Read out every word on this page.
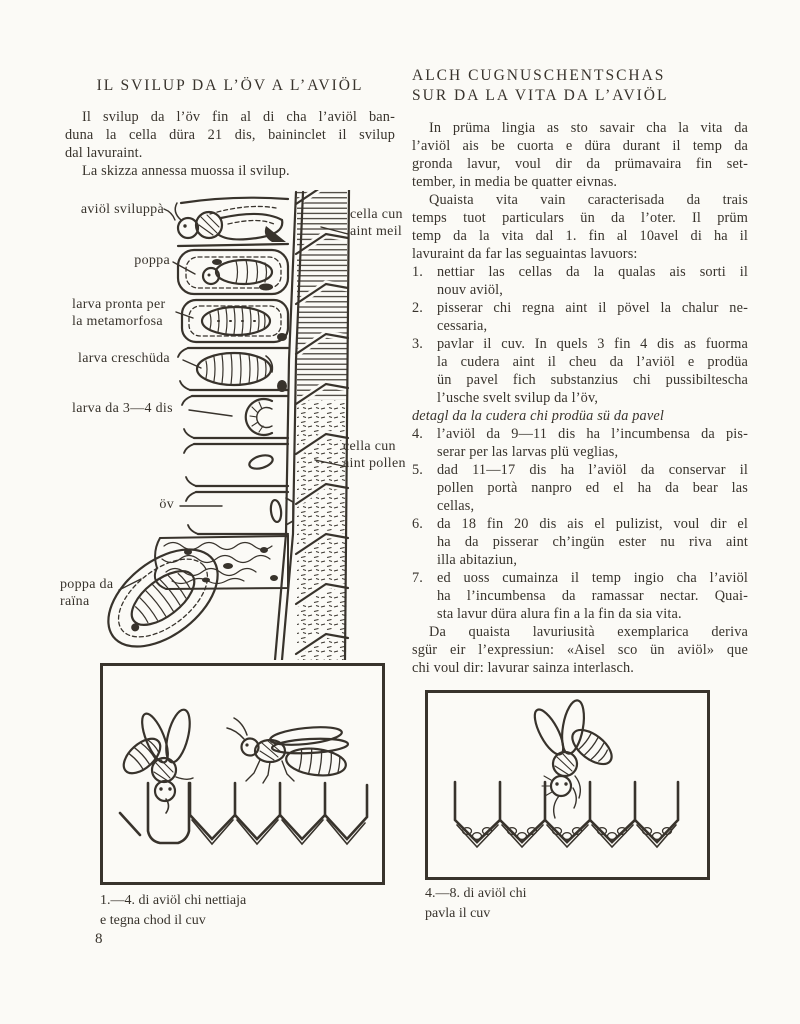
IL SVILUP DA L’ÖV A L’AVIÖL
ALCH CUGNUSCHENTSCHAS
SUR DA LA VITA DA L’AVIÖL
Il svilup da l’öv fin al di cha l’aviöl ban-
duna la cella düra 21 dis, baininclet il svilup
dal lavuraint.
La skizza annessa muossa il svilup.
In prüma lingia as sto savair cha la vita da
l’aviöl ais be cuorta e düra durant il temp da
gronda lavur, voul dir da prümavaira fin set-
tember, in media be quatter eivnas.
Quaista vita vain caracterisada da trais
temps tuot particulars ün da l’oter. Il prüm
temp da la vita dal 1. fin al 10avel di ha il
lavuraint da far las seguaintas lavuors:
1. nettiar las cellas da la qualas ais sorti il
nouv aviöl,
2. pisserar chi regna aint il pövel la chalur ne-
cessaria,
3. pavlar il cuv. In quels 3 fin 4 dis as fuorma
la cudera aint il cheu da l’aviöl e prodüa
ün pavel fich substanzius chi pussibiltescha
l’usche svelt svilup da l’öv,
detagl da la cudera chi prodüa sü da pavel
4. l’aviöl da 9—11 dis ha l’incumbensa da pis-
serar per las larvas plü veglias,
5. dad 11—17 dis ha l’aviöl da conservar il
pollen portà nanpro ed el ha da bear las
cellas,
6. da 18 fin 20 dis ais el pulizist, voul dir el
ha da pisserar ch’ingün ester nu riva aint
illa abitaziun,
7. ed uoss cumainza il temp ingio cha l’aviöl
ha l’incumbensa da ramassar nectar. Quai-
sta lavur düra alura fin a la fin da sia vita.
Da quaista lavuriusità exemplarica deriva
sgür eir l’expressiun: «Aisel sco ün aviöl» que
chi voul dir: lavurar sainza interlasch.
aviöl sviluppà
poppa
larva pronta per
la metamorfosa
larva creschüda
larva da 3—4 dis
öv
poppa da
raïna
cella cun
aint meil
cella cun
aint pollen
1.—4. di aviöl chi nettiaja
e tegna chod il cuv
4.—8. di aviöl chi
pavla il cuv
8
